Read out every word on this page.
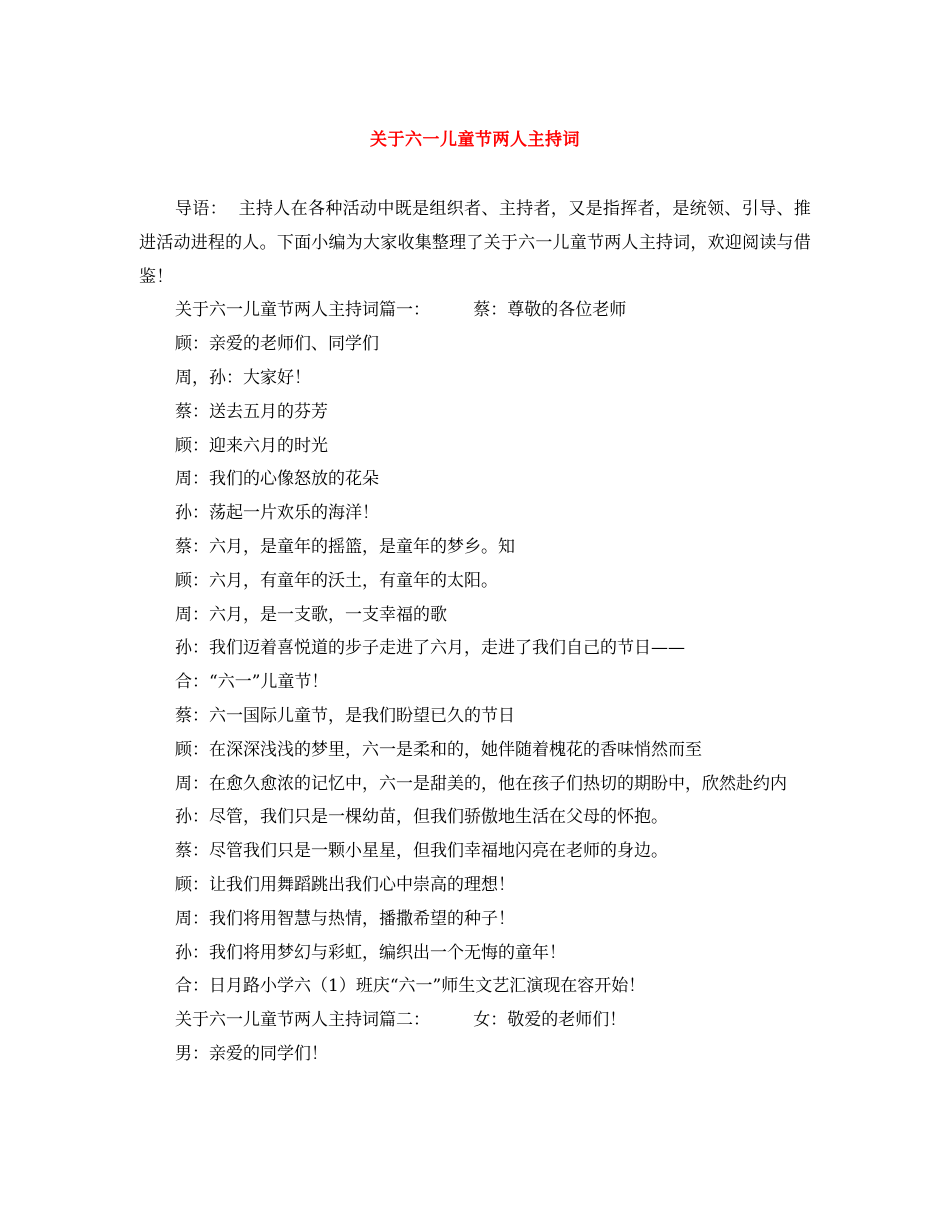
关于六一儿童节两人主持词

导语：  主持人在各种活动中既是组织者、主持者，又是指挥者，是统领、引导、推进活动进程的人。下面小编为大家收集整理了关于六一儿童节两人主持词，欢迎阅读与借鉴！

关于六一儿童节两人主持词篇一：        蔡：尊敬的各位老师

顾：亲爱的老师们、同学们

周，孙：大家好！

蔡：送去五月的芬芳

顾：迎来六月的时光

周：我们的心像怒放的花朵

孙：荡起一片欢乐的海洋！

蔡：六月，是童年的摇篮，是童年的梦乡。知

顾：六月，有童年的沃土，有童年的太阳。

周：六月，是一支歌，一支幸福的歌

孙：我们迈着喜悦道的步子走进了六月，走进了我们自己的节日——

合：“六一”儿童节！

蔡：六一国际儿童节，是我们盼望已久的节日

顾：在深深浅浅的梦里，六一是柔和的，她伴随着槐花的香味悄然而至

周：在愈久愈浓的记忆中，六一是甜美的，他在孩子们热切的期盼中，欣然赴约内

孙：尽管，我们只是一棵幼苗，但我们骄傲地生活在父母的怀抱。

蔡：尽管我们只是一颗小星星，但我们幸福地闪亮在老师的身边。

顾：让我们用舞蹈跳出我们心中崇高的理想！

周：我们将用智慧与热情，播撒希望的种子！

孙：我们将用梦幻与彩虹，编织出一个无悔的童年！

合：日月路小学六（1）班庆“六一”师生文艺汇演现在容开始！

关于六一儿童节两人主持词篇二：        女：敬爱的老师们！

男：亲爱的同学们！
